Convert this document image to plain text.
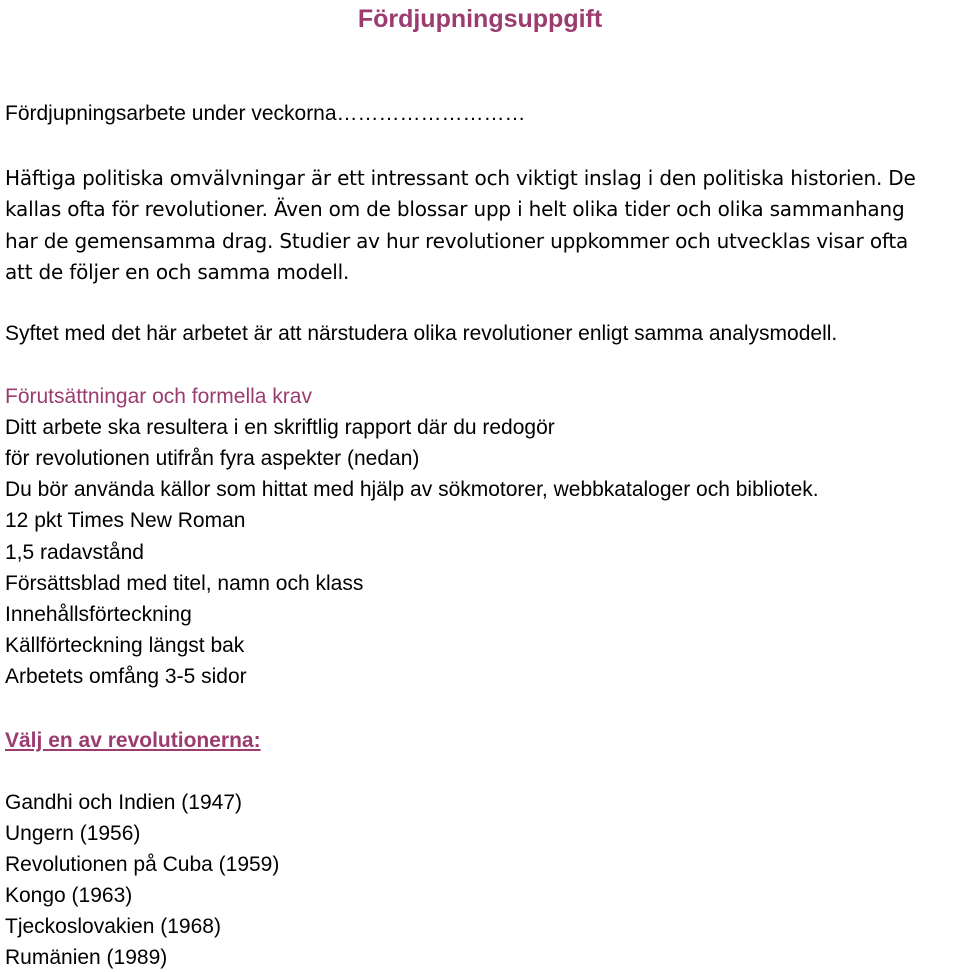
Fördjupningsuppgift
Fördjupningsarbete under veckorna………………………
Häftiga politiska omvälvningar är ett intressant och viktigt inslag i den politiska historien. De
kallas ofta för revolutioner. Även om de blossar upp i helt olika tider och olika sammanhang
har de gemensamma drag. Studier av hur revolutioner uppkommer och utvecklas visar ofta
att de följer en och samma modell.
Syftet med det här arbetet är att närstudera olika revolutioner enligt samma analysmodell.
Förutsättningar och formella krav
Ditt arbete ska resultera i en skriftlig rapport där du redogör
för revolutionen utifrån fyra aspekter (nedan)
Du bör använda källor som hittat med hjälp av sökmotorer, webbkataloger och bibliotek.
12 pkt Times New Roman
1,5 radavstånd
Försättsblad med titel, namn och klass
Innehållsförteckning
Källförteckning längst bak
Arbetets omfång 3-5 sidor
Välj en av revolutionerna:
Gandhi och Indien (1947)
Ungern (1956)
Revolutionen på Cuba (1959)
Kongo (1963)
Tjeckoslovakien (1968)
Rumänien (1989)
